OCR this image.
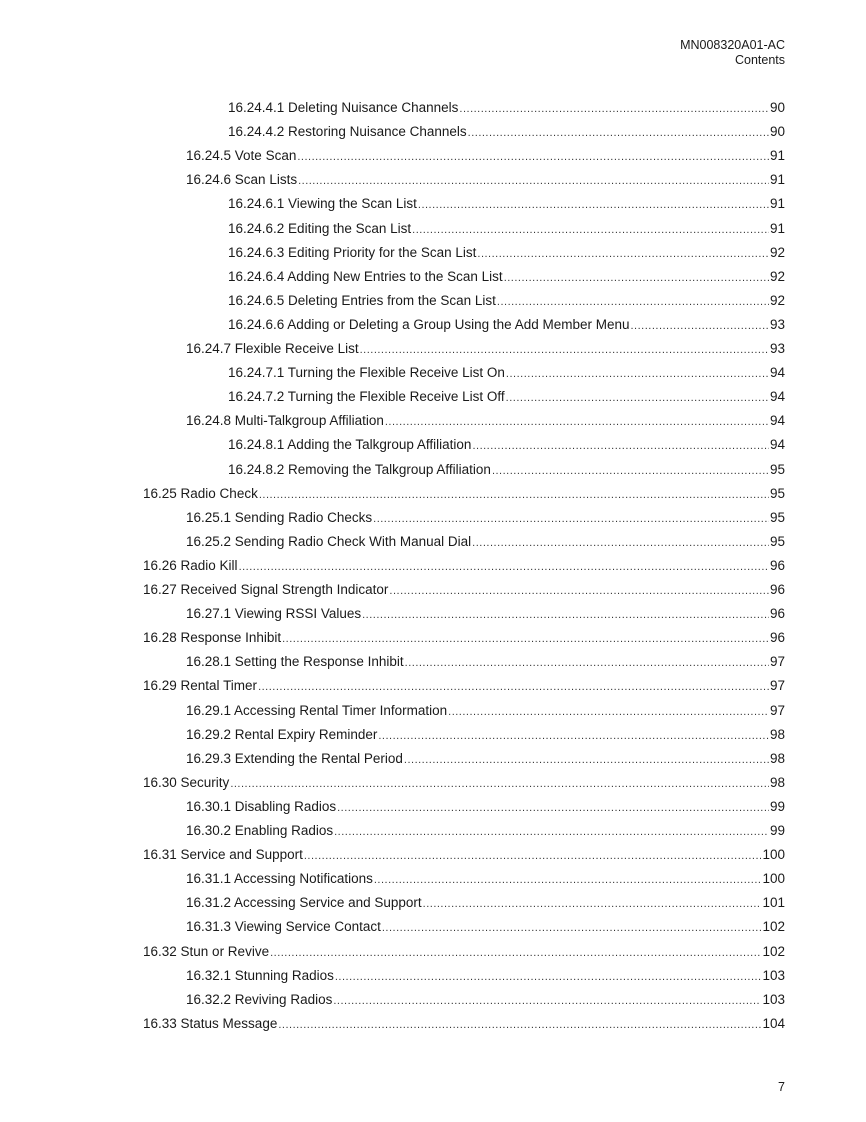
MN008320A01-AC
Contents
16.24.4.1 Deleting Nuisance Channels .....	90
16.24.4.2 Restoring Nuisance Channels .....	90
16.24.5 Vote Scan .....	91
16.24.6 Scan Lists .....	91
16.24.6.1 Viewing the Scan List .....	91
16.24.6.2 Editing the Scan List .....	91
16.24.6.3 Editing Priority for the Scan List .....	92
16.24.6.4 Adding New Entries to the Scan List .....	92
16.24.6.5 Deleting Entries from the Scan List .....	92
16.24.6.6 Adding or Deleting a Group Using the Add Member Menu .....	93
16.24.7 Flexible Receive List .....	93
16.24.7.1 Turning the Flexible Receive List On .....	94
16.24.7.2 Turning the Flexible Receive List Off .....	94
16.24.8 Multi-Talkgroup Affiliation .....	94
16.24.8.1 Adding the Talkgroup Affiliation .....	94
16.24.8.2 Removing the Talkgroup Affiliation .....	95
16.25 Radio Check .....	95
16.25.1 Sending Radio Checks .....	95
16.25.2 Sending Radio Check With Manual Dial .....	95
16.26 Radio Kill .....	96
16.27 Received Signal Strength Indicator .....	96
16.27.1 Viewing RSSI Values .....	96
16.28 Response Inhibit .....	96
16.28.1 Setting the Response Inhibit .....	97
16.29 Rental Timer .....	97
16.29.1 Accessing Rental Timer Information .....	97
16.29.2 Rental Expiry Reminder .....	98
16.29.3 Extending the Rental Period .....	98
16.30 Security .....	98
16.30.1 Disabling Radios .....	99
16.30.2 Enabling Radios .....	99
16.31 Service and Support .....	100
16.31.1 Accessing Notifications .....	100
16.31.2 Accessing Service and Support .....	101
16.31.3 Viewing Service Contact .....	102
16.32 Stun or Revive .....	102
16.32.1 Stunning Radios .....	103
16.32.2 Reviving Radios .....	103
16.33 Status Message .....	104
7
